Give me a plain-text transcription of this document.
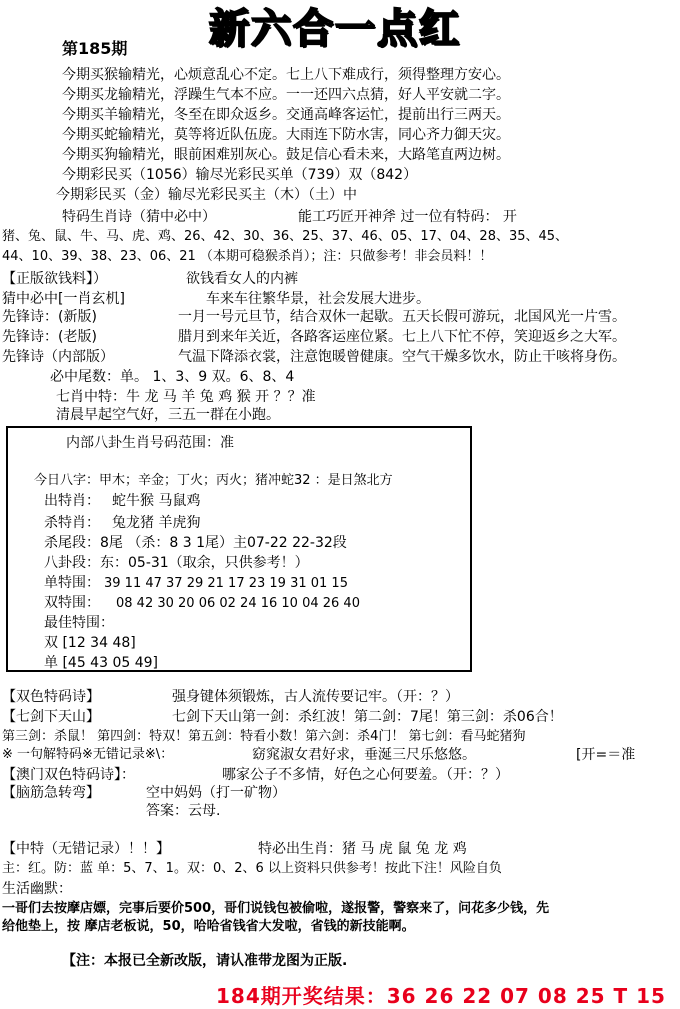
新六合一点红
第185期
今期买猴输精光，心烦意乱心不定。七上八下难成行，须得整理方安心。
今期买龙输精光，浮躁生气本不应。一一还四六点猜，好人平安就二字。
今期买羊输精光，冬至在即众返乡。交通高峰客运忙，提前出行三两天。
今期买蛇输精光，莫等将近队伍庞。大雨连下防水害，同心齐力御天灾。
今期买狗输精光，眼前困难别灰心。鼓足信心看未来，大路笔直两边树。
今期彩民买（1056）输尽光彩民买单（739）双（842）
今期彩民买（金）输尽光彩民买主（木）（土）中
特码生肖诗（猜中必中）	能工巧匠开神斧 过一位有特码： 开
猪、兔、鼠、牛、马、虎、鸡、26、42、30、36、25、37、46、05、17、04、28、35、45、
44、10、39、38、23、06、21 （本期可稳猴杀肖）；注：只做参考！非会员料！！
【正版欲钱料】）	欲钱看女人的内裤
猜中必中[一肖玄机]	车来车往繁华景，社会发展大进步。
先锋诗：(新版)	一月一号元旦节，结合双休一起歇。五天长假可游玩，北国风光一片雪。
先锋诗：(老版)	腊月到来年关近，各路客运座位紧。七上八下忙不停，笑迎返乡之大军。
先锋诗（内部版）	气温下降添衣裳，注意饱暖曾健康。空气干燥多饮水，防止干咳将身伤。
必中尾数：单。 1、3、9 双。6、8、4
七肖中特：牛 龙 马 羊 兔 鸡 猴 开 ？？准
清晨早起空气好，三五一群在小跑。
内部八卦生肖号码范围：准
今日八字：甲木；辛金；丁火；丙火；猪冲蛇32 ：是日煞北方
出特肖： 蛇牛猴 马鼠鸡
杀特肖： 兔龙猪 羊虎狗
杀尾段：8尾 （杀：8 3 1尾）主07-22 22-32段
八卦段：东：05-31（取余，只供参考！）
单特围： 39 11 47 37 29 21 17 23 19 31 01 15
双特围： 08 42 30 20 06 02 24 16 10 04 26 40
最佳特围：
双 [12 34 48]
单 [45 43 05 49]
【双色特码诗】	强身键体须锻炼，古人流传要记牢。（开：？）
【七剑下天山】	七剑下天山第一剑：杀红波！第二剑：7尾！第三剑：杀06合！
第三剑：杀鼠！ 第四剑：特双！第五剑：特看小数！第六剑：杀4门！ 第七剑：看马蛇猪狗
※ 一句解特码※无错记录※\：	窈窕淑女君好求，垂涎三尺乐悠悠。	[开=＝准
【澳门双色特码诗】：	哪家公子不多情，好色之心何要羞。（开：？）
【脑筋急转弯】	空中妈妈（打一矿物）
答案：云母.
【中特（无错记录）！！】	特必出生肖：猪 马 虎 鼠 兔 龙 鸡
主：红。防：蓝 单：5、7、1。双：0、2、6 以上资料只供参考！按此下注！风险自负
生活幽默：
一哥们去按摩店嫖，完事后要价500，哥们说钱包被偷啦，遂报警，警察来了，问花多少钱，先
给他垫上，按 摩店老板说，50，哈哈省钱省大发啦，省钱的新技能啊。
【注：本报已全新改版，请认准带龙图为正版.
184期开奖结果：36 26 22 07 08 25 T 15
